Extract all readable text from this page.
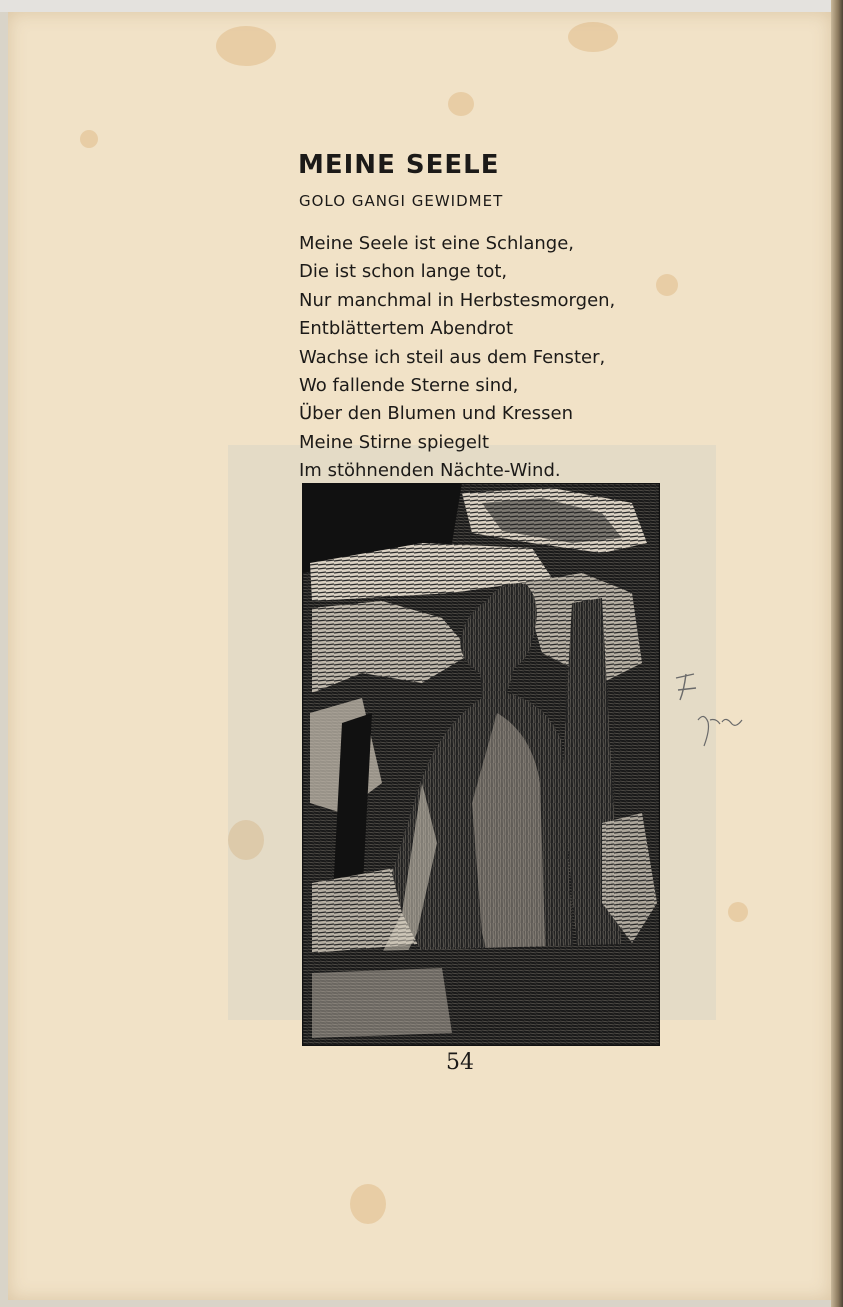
MEINE SEELE
GOLO GANGI GEWIDMET
Meine Seele ist eine Schlange,
Die ist schon lange tot,
Nur manchmal in Herbstesmorgen,
Entblättertem Abendrot
Wachse ich steil aus dem Fenster,
Wo fallende Sterne sind,
Über den Blumen und Kressen
Meine Stirne spiegelt
Im stöhnenden Nächte-Wind.
54
